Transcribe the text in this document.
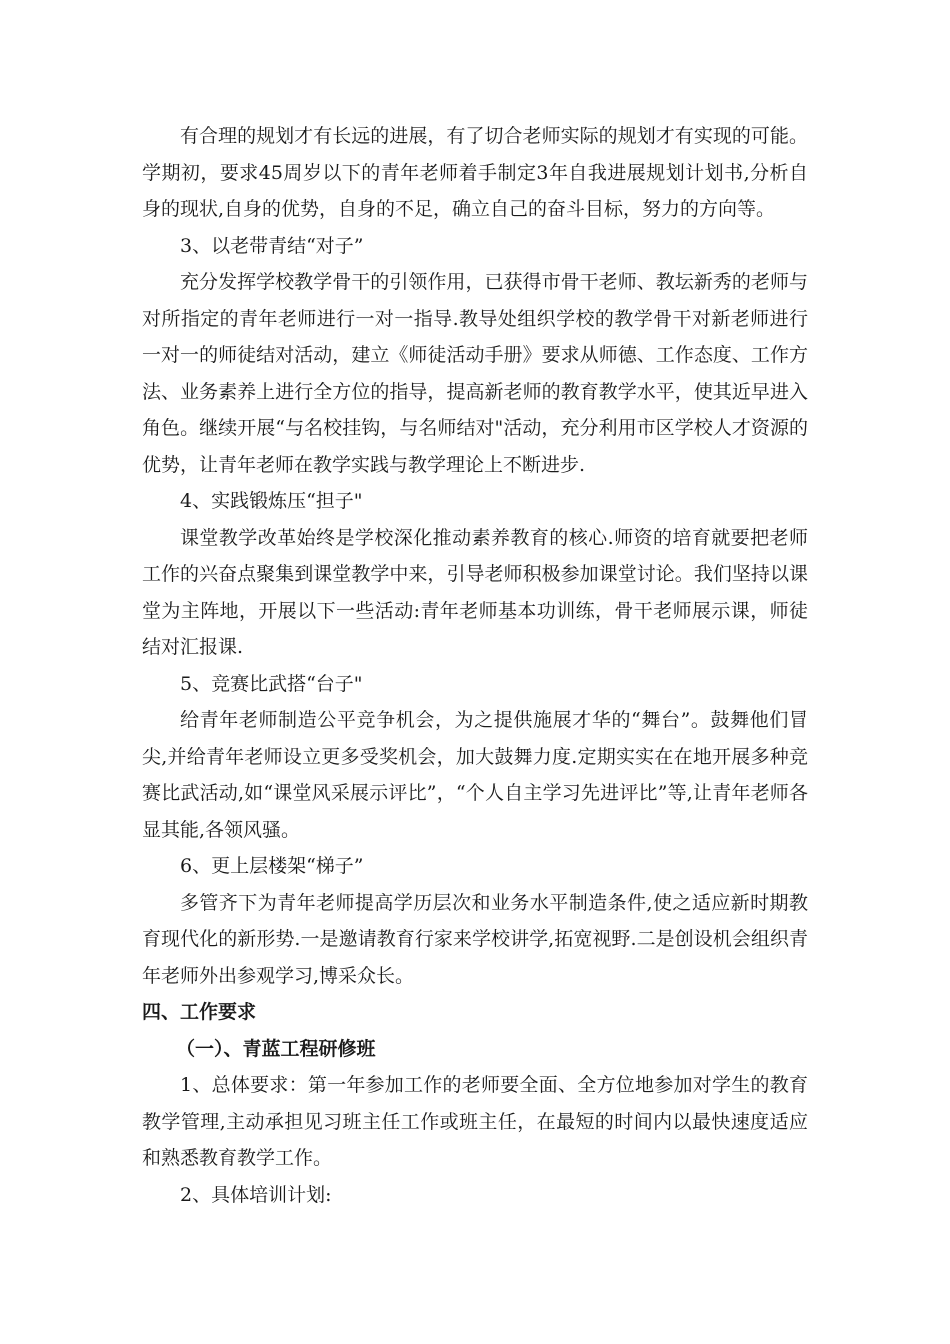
有合理的规划才有长远的进展，有了切合老师实际的规划才有实现的可能。学期初，要求45周岁以下的青年老师着手制定3年自我进展规划计划书,分析自身的现状,自身的优势，自身的不足，确立自己的奋斗目标，努力的方向等。

3、以老带青结“对子”

充分发挥学校教学骨干的引领作用，已获得市骨干老师、教坛新秀的老师与对所指定的青年老师进行一对一指导.教导处组织学校的教学骨干对新老师进行一对一的师徒结对活动，建立《师徒活动手册》要求从师德、工作态度、工作方法、业务素养上进行全方位的指导，提高新老师的教育教学水平，使其近早进入角色。继续开展“与名校挂钩，与名师结对"活动，充分利用市区学校人才资源的优势，让青年老师在教学实践与教学理论上不断进步.

4、实践锻炼压“担子"

课堂教学改革始终是学校深化推动素养教育的核心.师资的培育就要把老师工作的兴奋点聚集到课堂教学中来，引导老师积极参加课堂讨论。我们坚持以课堂为主阵地，开展以下一些活动:青年老师基本功训练，骨干老师展示课，师徒结对汇报课.

5、竞赛比武搭“台子"

给青年老师制造公平竞争机会，为之提供施展才华的“舞台”。鼓舞他们冒尖,并给青年老师设立更多受奖机会，加大鼓舞力度.定期实实在在地开展多种竞赛比武活动,如“课堂风采展示评比”，“个人自主学习先进评比”等,让青年老师各显其能,各领风骚。

6、更上层楼架“梯子”

多管齐下为青年老师提高学历层次和业务水平制造条件,使之适应新时期教育现代化的新形势.一是邀请教育行家来学校讲学,拓宽视野.二是创设机会组织青年老师外出参观学习,博采众长。

四、工作要求

（一）、青蓝工程研修班

1、总体要求：第一年参加工作的老师要全面、全方位地参加对学生的教育教学管理,主动承担见习班主任工作或班主任，在最短的时间内以最快速度适应和熟悉教育教学工作。

2、具体培训计划:
